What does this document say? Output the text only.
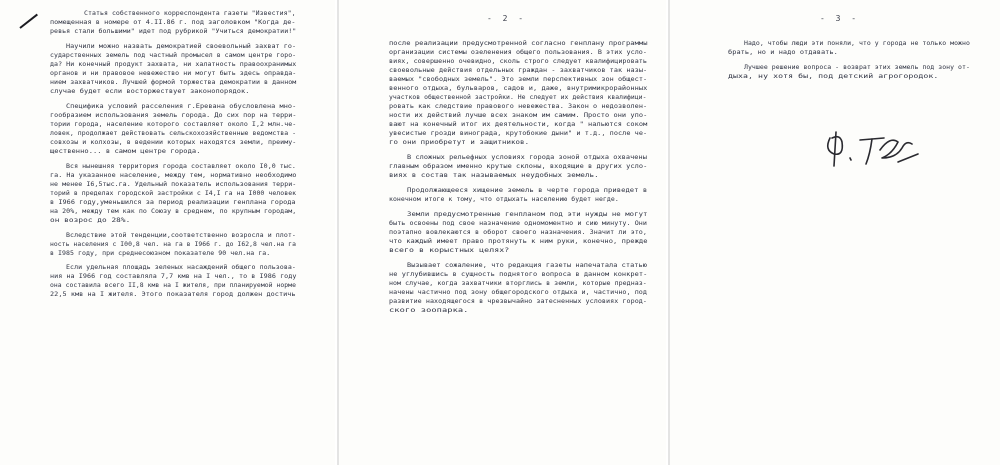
Статья собственного корреспондента газеты "Известия",
помещенная в номере от 4.II.86 г. под заголовком "Когда де-
ревья стали большими" идет под рубрикой "Учиться демократии!"
Научили можно назвать демократией своевольный захват го-
сударственных земель под частный промысел в самом центре горо-
да? Ни конечный продукт захвата, ни халатность правоохранимых
органов и ни правовое невежество ни могут быть здесь оправда-
нием захватчиков. Лучшей формой торжества демократии в данном
случае будет если восторжествует законопорядок.
Специфика условий расселения г.Еревана обусловлена мно-
гообразием использования земель города. До сих пор на терри-
тории города, население которого составляет около I,2 млн.че-
ловек, продолжает действовать сельскохозяйственные ведомства -
совхозы и колхозы, в ведении которых находятся земли, преиму-
щественно... в самом центре города.
Вся нынешняя территория города составляет около I0,0 тыс.
га. На указанное население, между тем, нормативно необходимо
не менее I6,5тыс.га. Удельный показатель использования терри-
торий в пределах городской застройки с I4,I га на I000 человек
в I966 году,уменьшился за период реализации генплана города
на 20%, между тем как по Союзу в среднем, по крупным городам,
он возрос до 28%.
Вследствие этой тенденции,соответственно возросла и плот-
ность населения с I00,8 чел. на га в I966 г. до I62,8 чел.на га
в I985 году, при среднесоюзном показателе 90 чел.на га.
Если удельная площадь зеленых насаждений общего пользова-
ния на I966 год составляла 7,7 кмв на I чел., то в I986 году
она составила всего II,8 кмв на I жителя, при планируемой норме
22,5 кмв на I жителя. Этого показателя город должен достичь
- 2 -
после реализации предусмотренной согласно генплану программы
организации системы озеленения общего пользования. В этих усло-
виях, совершенно очевидно, сколь строго следует квалифицировать
своевольные действия отдельных граждан - захватчиков так назы-
ваемых "свободных земель". Это земли перспективных зон общест-
венного отдыха, бульваров, садов и, даже, внутримикрорайонных
участков общественной застройки. Не следует их действия квалифици-
ровать как следствие правового невежества. Закон о недозволен-
ности их действий лучше всех знаком им самим. Просто они упо-
вают на конечный итог их деятельности, когда " нальются соком
увесистые грозди винограда, крутобокие дыни" и т.д., после че-
го они приобретут и защитников.
В сложных рельефных условиях города зоной отдыха охвачены
главным образом именно крутые склоны, входящие в других усло-
виях в состав так называемых неудобных земель.
Продолжающееся хищение земель в черте города приведет в
конечном итоге к тому, что отдыхать населению будет негде.
Земли предусмотренные генпланом под эти нужды не могут
быть освоены под свое назначение одномоментно и сию минуту. Они
поэтапно вовлекаются в оборот своего назначения. Значит ли это,
что каждый имеет право протянуть к ним руки, конечно, прежде
всего в корыстных целях?
Вызывает сожаление, что редакция газеты напечатала статью
не углубившись в сущность поднятого вопроса в данном конкрет-
ном случае, когда захватчики вторглись в земли, которые предназ-
начены частично под зону общегородского отдыха и, частично, под
развитие находящегося в чрезвычайно затесненных условиях город-
ского зоопарка.
- 3 -
Надо, чтобы люди эти поняли, что у города не только можно
брать, но и надо отдавать.
Лучшее решение вопроса - возврат этих земель под зону от-
дыха, ну хотя бы, под детский агрогородок.
